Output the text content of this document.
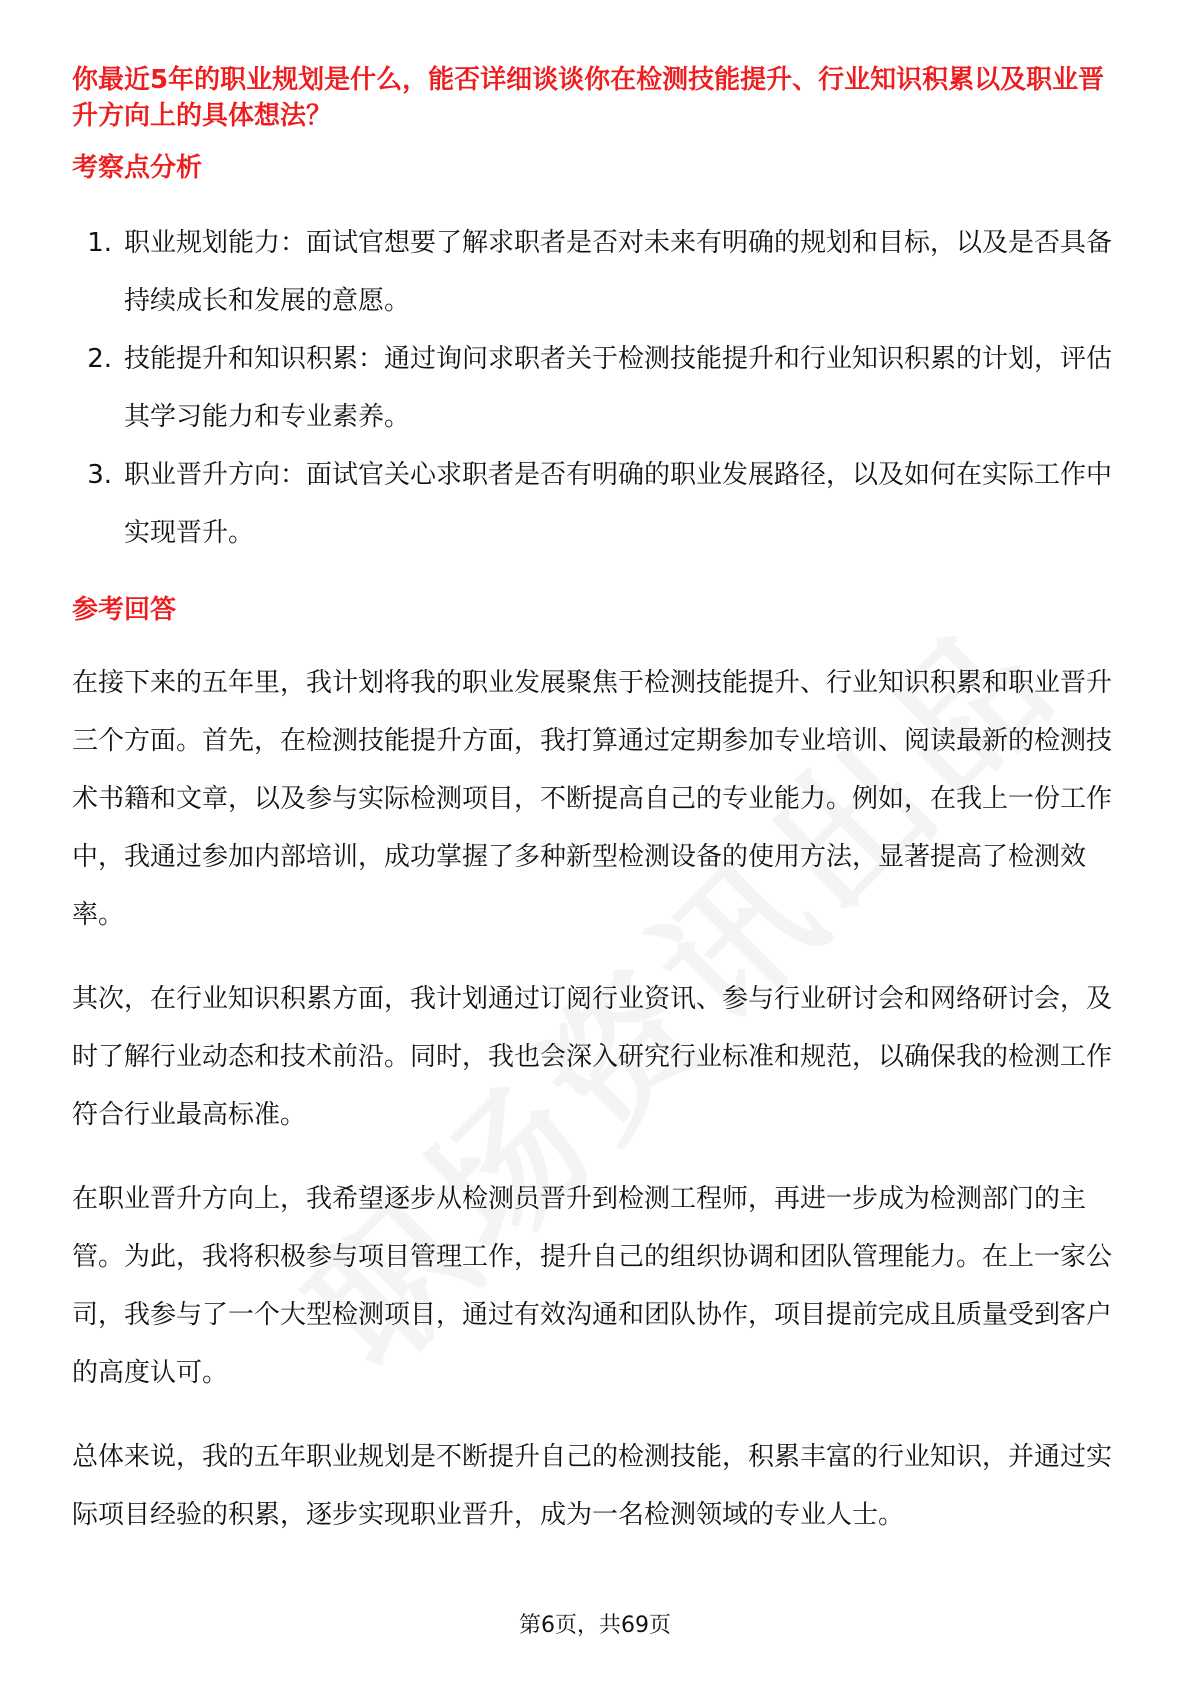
你最近5年的职业规划是什么，能否详细谈谈你在检测技能提升、行业知识积累以及职业晋升方向上的具体想法？

考察点分析

1. 职业规划能力：面试官想要了解求职者是否对未来有明确的规划和目标，以及是否具备持续成长和发展的意愿。
2. 技能提升和知识积累：通过询问求职者关于检测技能提升和行业知识积累的计划，评估其学习能力和专业素养。
3. 职业晋升方向：面试官关心求职者是否有明确的职业发展路径，以及如何在实际工作中实现晋升。

参考回答

在接下来的五年里，我计划将我的职业发展聚焦于检测技能提升、行业知识积累和职业晋升三个方面。首先，在检测技能提升方面，我打算通过定期参加专业培训、阅读最新的检测技术书籍和文章，以及参与实际检测项目，不断提高自己的专业能力。例如，在我上一份工作中，我通过参加内部培训，成功掌握了多种新型检测设备的使用方法，显著提高了检测效率。

其次，在行业知识积累方面，我计划通过订阅行业资讯、参与行业研讨会和网络研讨会，及时了解行业动态和技术前沿。同时，我也会深入研究行业标准和规范，以确保我的检测工作符合行业最高标准。

在职业晋升方向上，我希望逐步从检测员晋升到检测工程师，再进一步成为检测部门的主管。为此，我将积极参与项目管理工作，提升自己的组织协调和团队管理能力。在上一家公司，我参与了一个大型检测项目，通过有效沟通和团队协作，项目提前完成且质量受到客户的高度认可。

总体来说，我的五年职业规划是不断提升自己的检测技能，积累丰富的行业知识，并通过实际项目经验的积累，逐步实现职业晋升，成为一名检测领域的专业人士。

第6页，共69页
